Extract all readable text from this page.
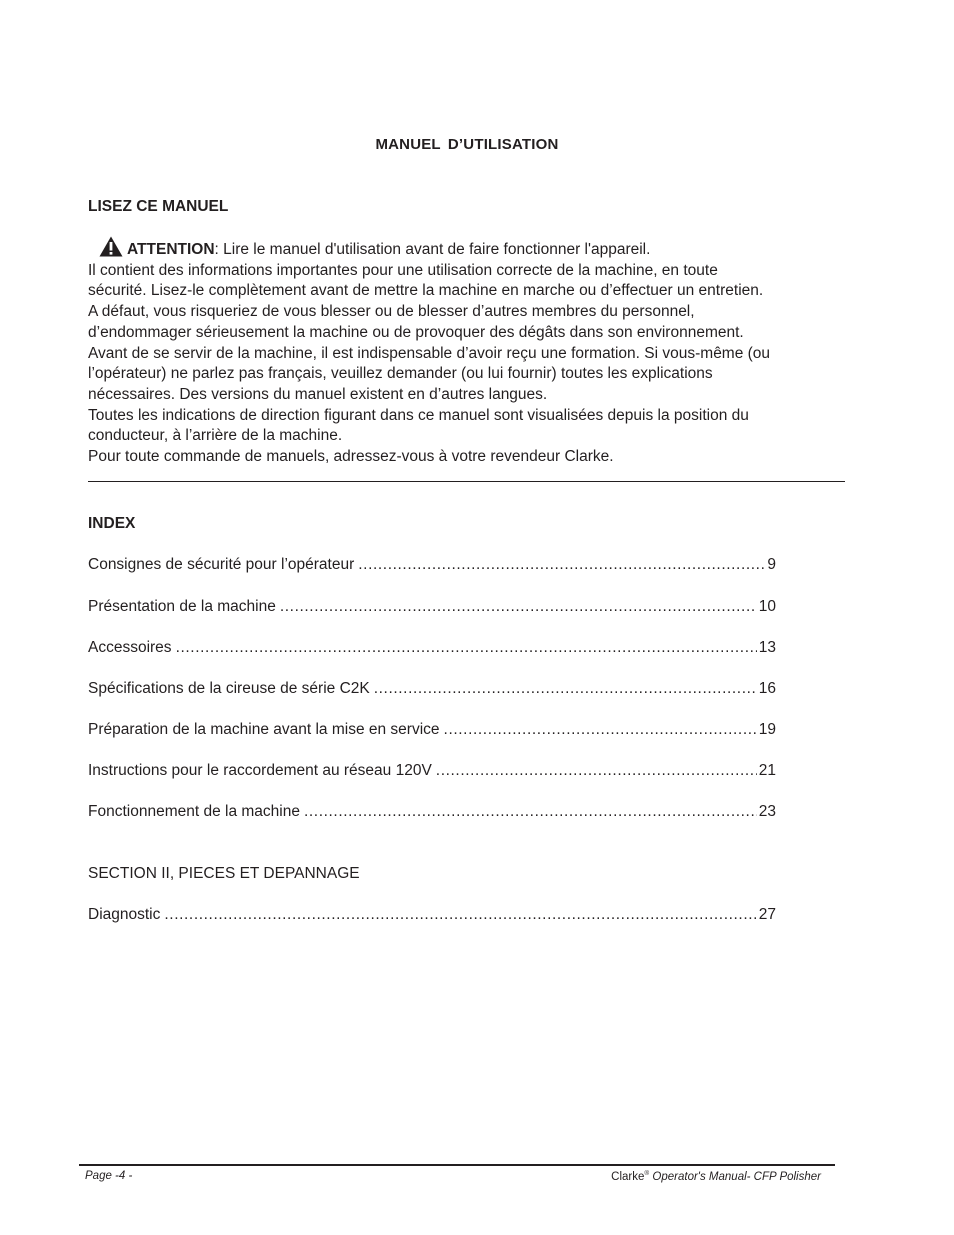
MANUEL D’UTILISATION
LISEZ CE MANUEL
ATTENTION: Lire le manuel d'utilisation avant de faire fonctionner l'appareil.
Il contient des informations importantes pour une utilisation correcte de la machine, en toute
sécurité. Lisez-le complètement avant de mettre la machine en marche ou d’effectuer un entretien.
A défaut, vous risqueriez de vous blesser ou de blesser d’autres membres du personnel,
d’endommager sérieusement la machine ou de provoquer des dégâts dans son environnement.
Avant de se servir de la machine, il est indispensable d’avoir reçu une formation. Si vous-même (ou
l’opérateur) ne parlez pas français, veuillez demander (ou lui fournir) toutes les explications
nécessaires. Des versions du manuel existent en d’autres langues.
Toutes les indications de direction figurant dans ce manuel sont visualisées depuis la position du
conducteur, à l’arrière de la machine.
Pour toute commande de manuels, adressez-vous à votre revendeur Clarke.
INDEX
Consignes de sécurité pour l’opérateur .....	9
Présentation de la machine .....	10
Accessoires .....	13
Spécifications de la cireuse de série C2K .....	16
Préparation de la machine avant la mise en service .....	19
Instructions pour le raccordement au réseau 120V .....	21
Fonctionnement de la machine .....	23
SECTION II, PIECES ET DEPANNAGE
Diagnostic .....	27
Page -4 -	Clarke® Operator's Manual- CFP Polisher
